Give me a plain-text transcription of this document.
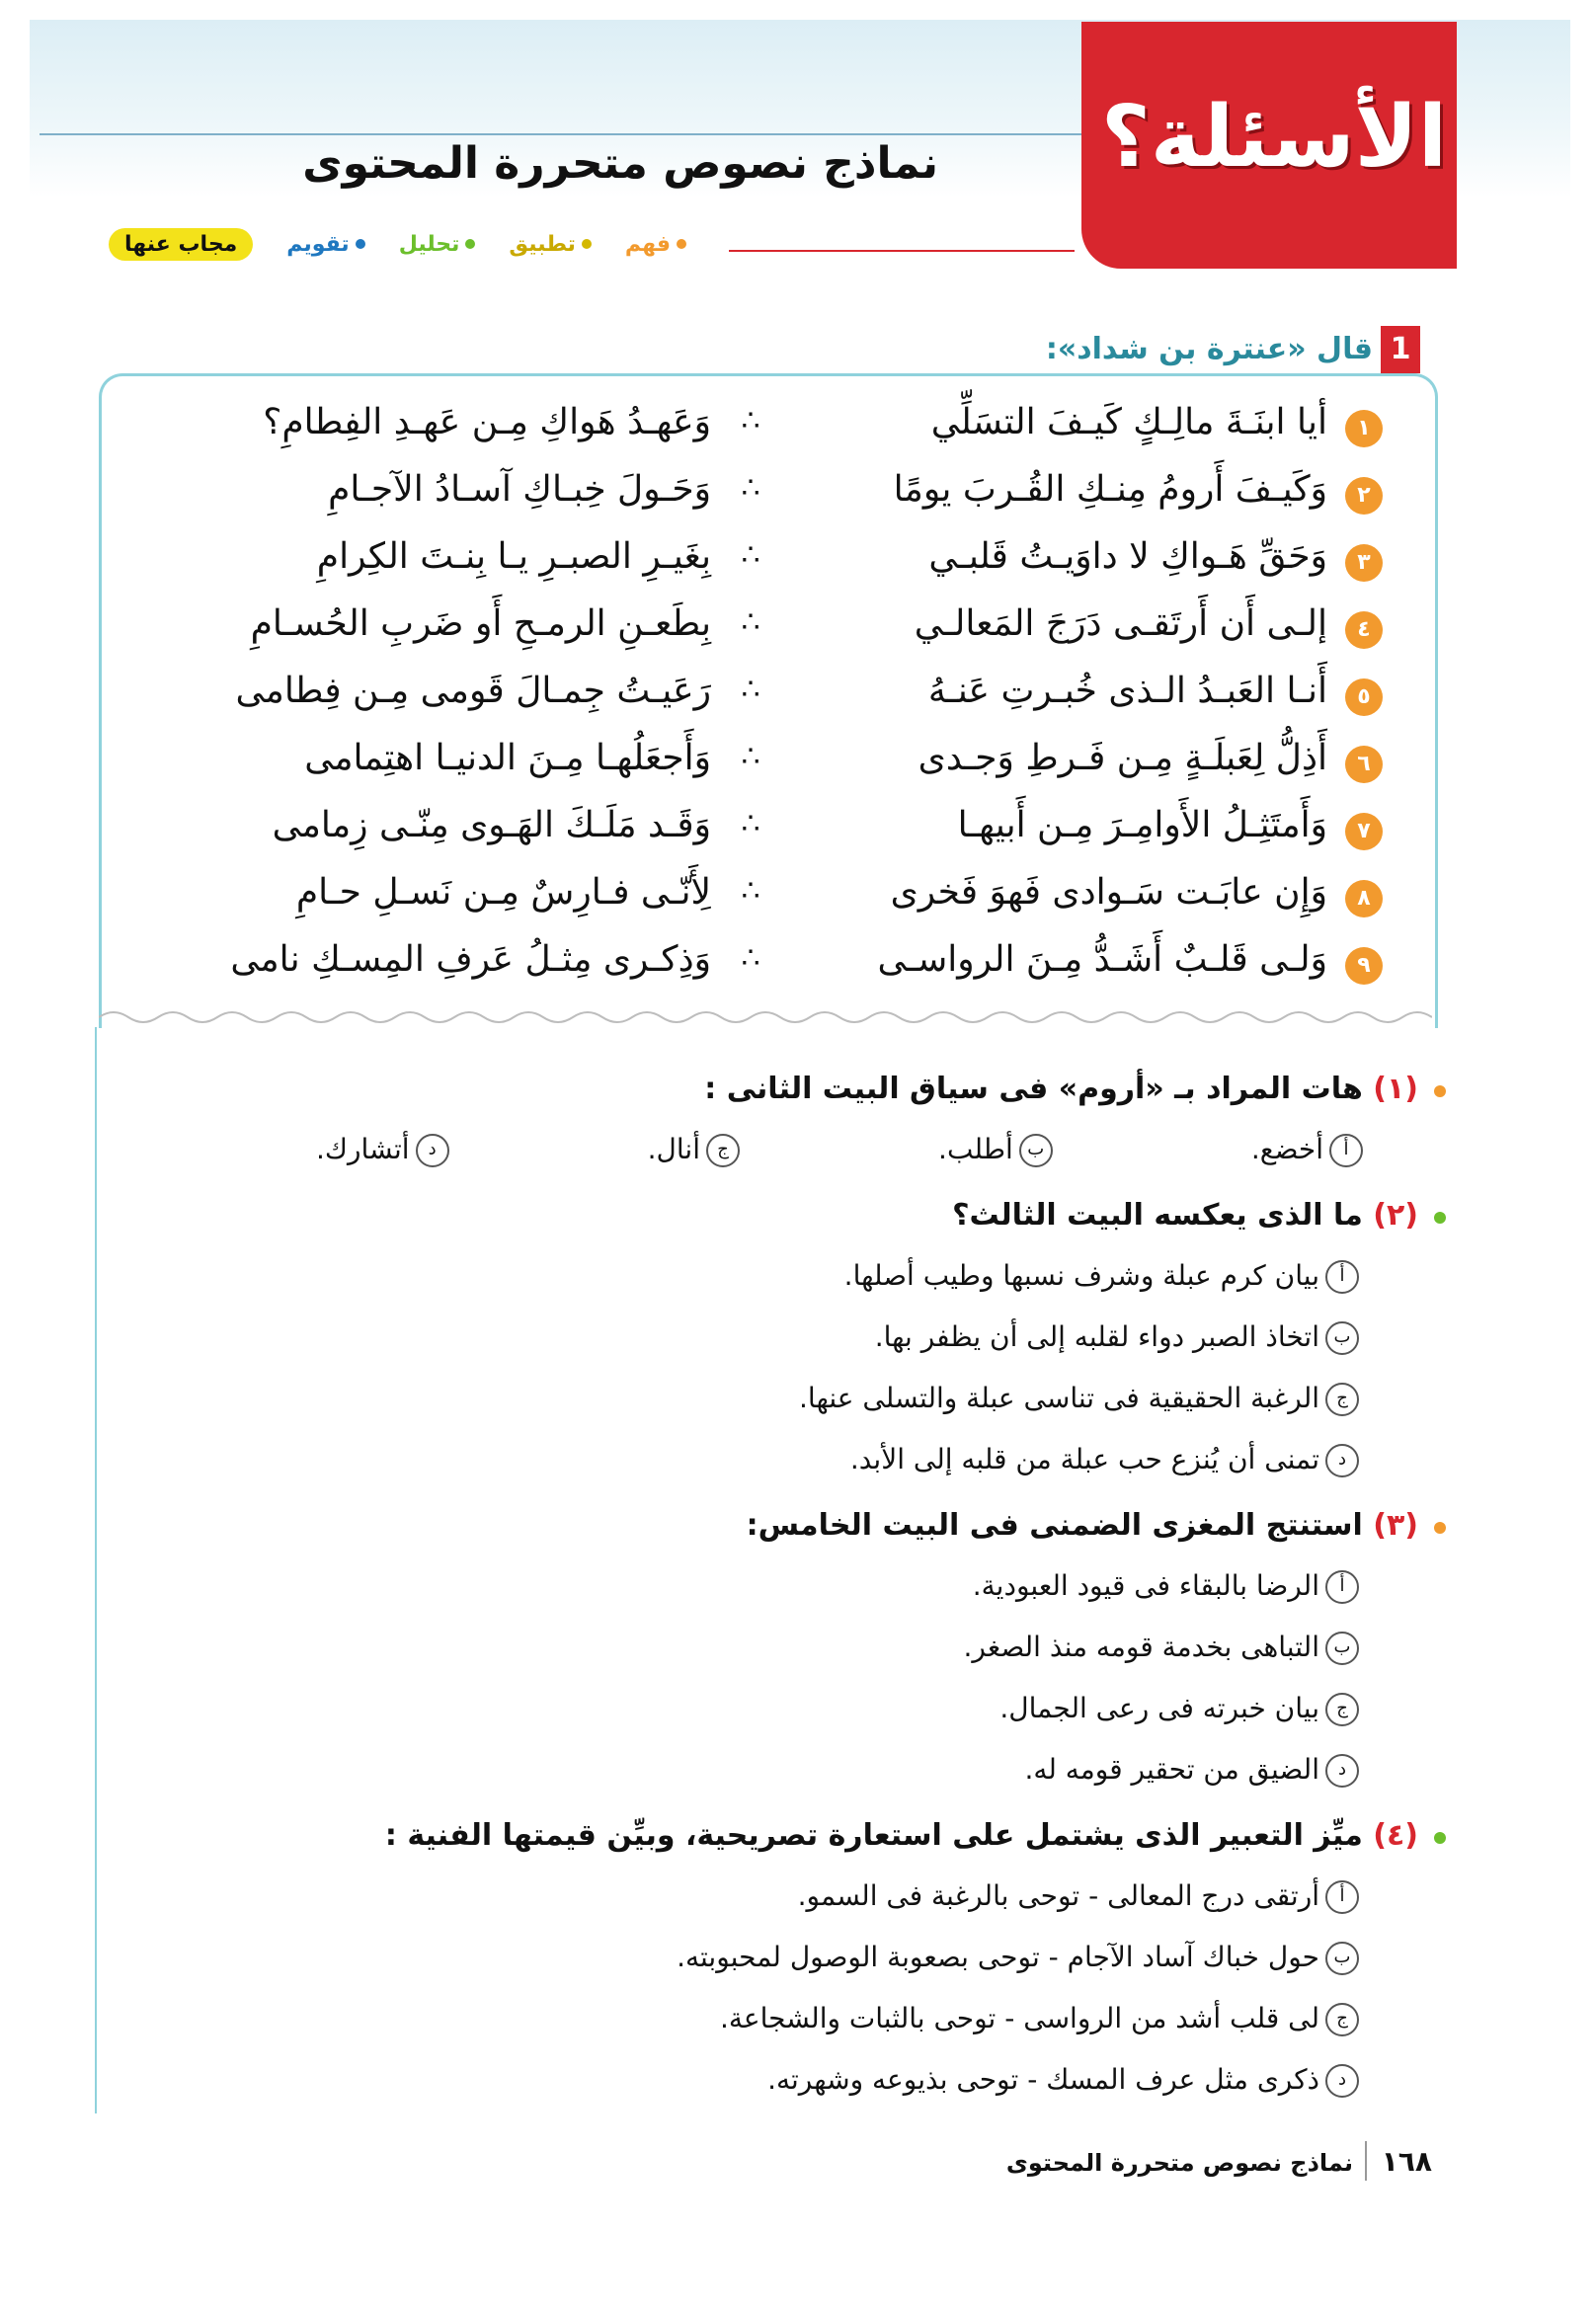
الأسئلة؟
نماذج نصوص متحررة المحتوى
فهم
تطبيق
تحليل
تقويم
مجاب عنها
1
قال «عنترة بن شداد»:
١
أيا ابنَـةَ مالِـكٍ كَيـفَ التسَلِّي
∴
وَعَهـدُ هَواكِ مِـن عَهـدِ الفِطامِ؟
٢
وَكَيـفَ أَرومُ مِنـكِ القُـربَ يومًا
∴
وَحَـولَ خِبـاكِ آسـادُ الآجـامِ
٣
وَحَقِّ هَـواكِ لا داوَيـتُ قَلبـي
∴
بِغَيـرِ الصبـرِ يـا بِنـتَ الكِرامِ
٤
إلـى أَن أَرتَقـى دَرَجَ المَعالـي
∴
بِطَعـنِ الرمـحِ أَو ضَربِ الحُسـامِ
٥
أَنـا العَبـدُ الـذى خُبـرتِ عَنـهُ
∴
رَعَيـتُ جِمـالَ قَومى مِـن فِطامى
٦
أَذِلُّ لِعَبلَـةٍ مِـن فَـرطِ وَجـدى
∴
وَأَجعَلُهـا مِـنَ الدنيـا اهتِمامى
٧
وَأَمتَثِـلُ الأَوامِـرَ مِـن أَبيهـا
∴
وَقَـد مَلَـكَ الهَـوى مِنّـى زِمامى
٨
وَإِن عابَـت سَـوادى فَهوَ فَخرى
∴
لِأَنّـى فـارِسٌ مِـن نَسـلِ حـامِ
٩
وَلـى قَلـبٌ أَشَـدُّ مِـنَ الرواسـى
∴
وَذِكـرى مِثـلُ عَرفِ المِسـكِ نامى
(١) هات المراد بـ «أروم» فى سياق البيت الثانى :
أأخضع.
بأطلب.
جأنال.
دأتشارك.
(٢) ما الذى يعكسه البيت الثالث؟
أبيان كرم عبلة وشرف نسبها وطيب أصلها.
باتخاذ الصبر دواء لقلبه إلى أن يظفر بها.
جالرغبة الحقيقية فى تناسى عبلة والتسلى عنها.
دتمنى أن يُنزع حب عبلة من قلبه إلى الأبد.
(٣) استنتج المغزى الضمنى فى البيت الخامس:
أالرضا بالبقاء فى قيود العبودية.
بالتباهى بخدمة قومه منذ الصغر.
جبيان خبرته فى رعى الجمال.
دالضيق من تحقير قومه له.
(٤) ميِّز التعبير الذى يشتمل على استعارة تصريحية، وبيِّن قيمتها الفنية :
أأرتقى درج المعالى - توحى بالرغبة فى السمو.
بحول خباك آساد الآجام - توحى بصعوبة الوصول لمحبوبته.
جلى قلب أشد من الرواسى - توحى بالثبات والشجاعة.
دذكرى مثل عرف المسك - توحى بذيوعه وشهرته.
١٦٨
نماذج نصوص متحررة المحتوى
